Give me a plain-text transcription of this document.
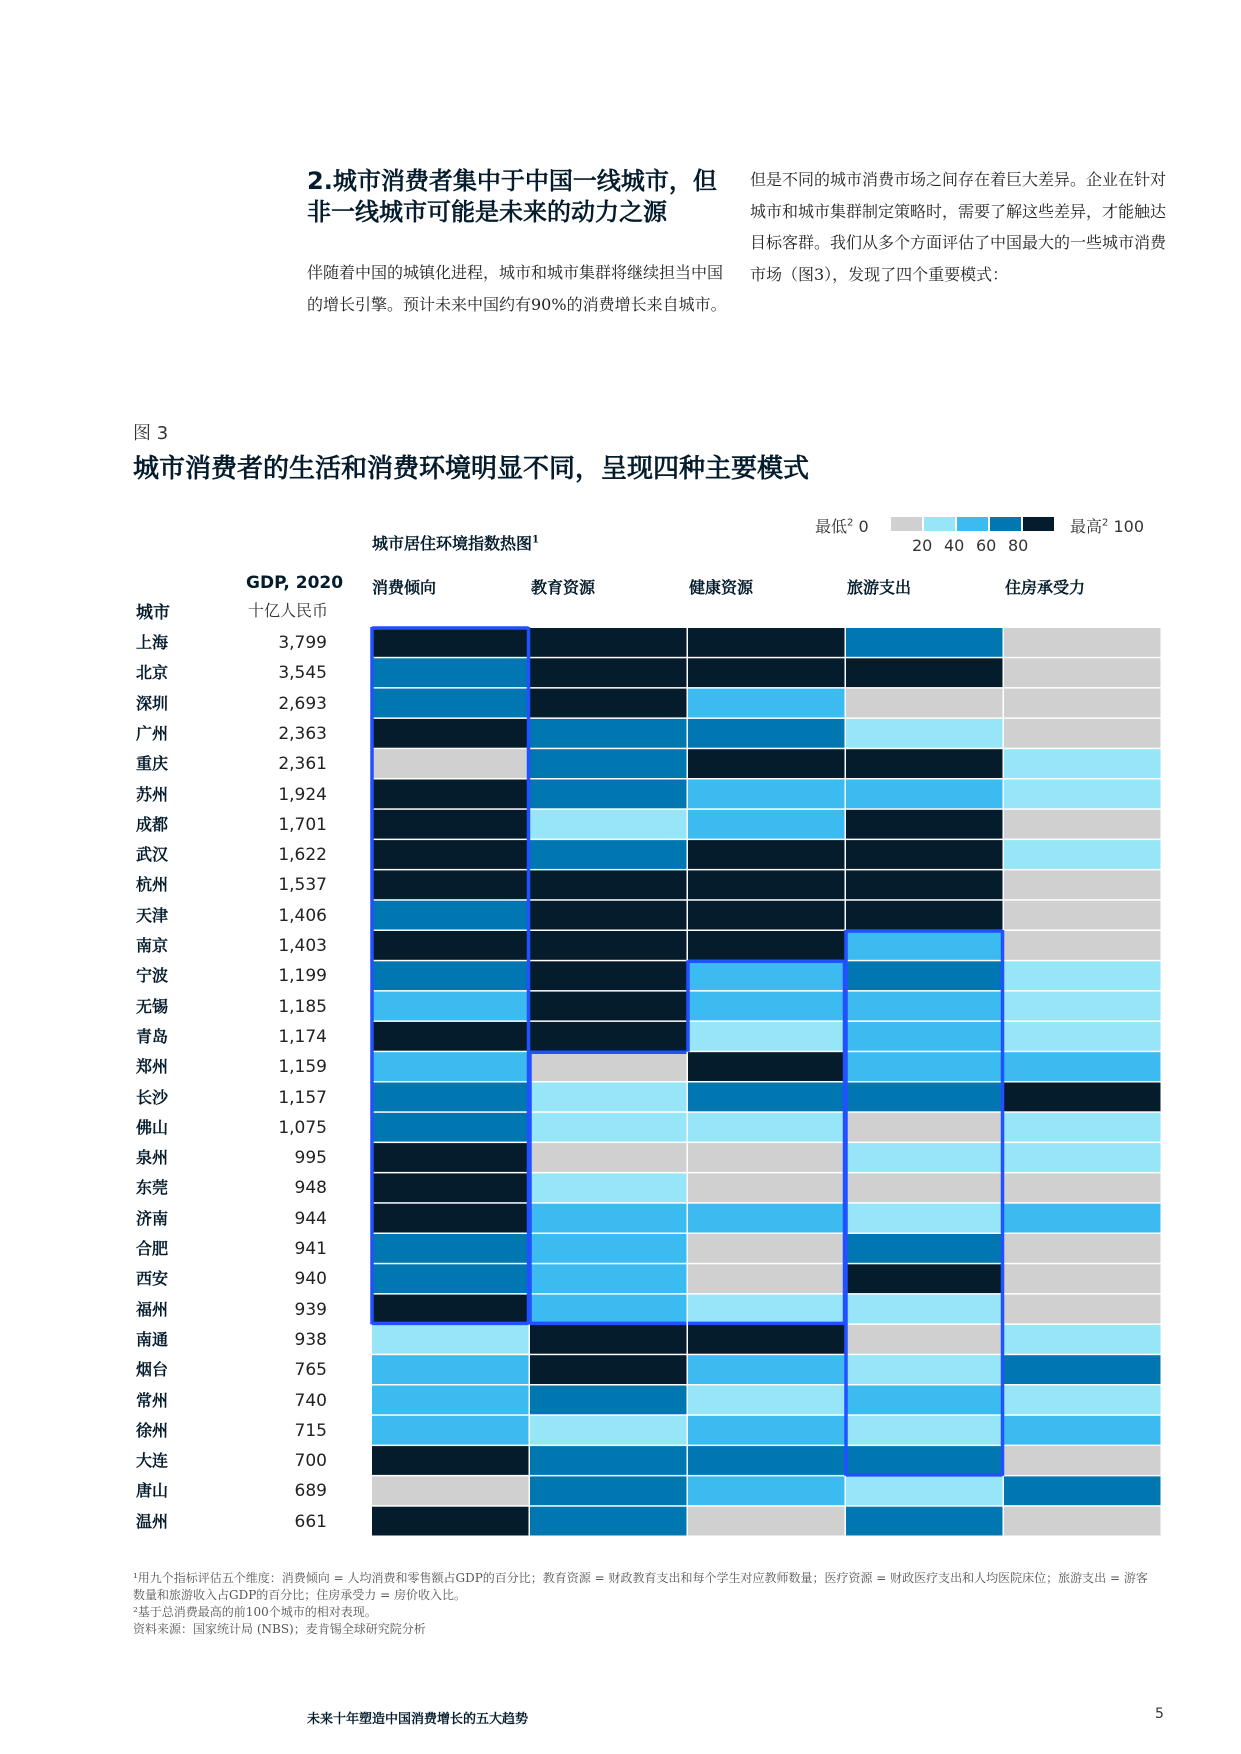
2.城市消费者集中于中国一线城市，但
非一线城市可能是未来的动力之源
伴随着中国的城镇化进程，城市和城市集群将继续担当中国的增长引擎。预计未来中国约有90%的消费增长来自城市。
但是不同的城市消费市场之间存在着巨大差异。企业在针对城市和城市集群制定策略时，需要了解这些差异，才能触达目标客群。我们从多个方面评估了中国最大的一些城市消费市场（图3），发现了四个重要模式：
图 3
城市消费者的生活和消费环境明显不同，呈现四种主要模式
最低$^2$ 0	最高$^2$ 100
20 40 60 80
城市居住环境指数热图$^1$
消费倾向	教育资源	健康资源	旅游支出	住房承受力
GDP, 2020
十亿人民币
城市
上海	3,799
北京	3,545
深圳	2,693
广州	2,363
重庆	2,361
苏州	1,924
成都	1,701
武汉	1,622
杭州	1,537
天津	1,406
南京	1,403
宁波	1,199
无锡	1,185
青岛	1,174
郑州	1,159
长沙	1,157
佛山	1,075
泉州	995
东莞	948
济南	944
合肥	941
西安	940
福州	939
南通	938
烟台	765
常州	740
徐州	715
大连	700
唐山	689
温州	661
¹用九个指标评估五个维度：消费倾向 = 人均消费和零售额占GDP的百分比；教育资源 = 财政教育支出和每个学生对应教师数量；医疗资源 = 财政医疗支出和人均医院床位；旅游支出 = 游客数量和旅游收入占GDP的百分比；住房承受力 = 房价收入比。
²基于总消费最高的前100个城市的相对表现。
资料来源：国家统计局 (NBS)；麦肯锡全球研究院分析
未来十年塑造中国消费增长的五大趋势	5
